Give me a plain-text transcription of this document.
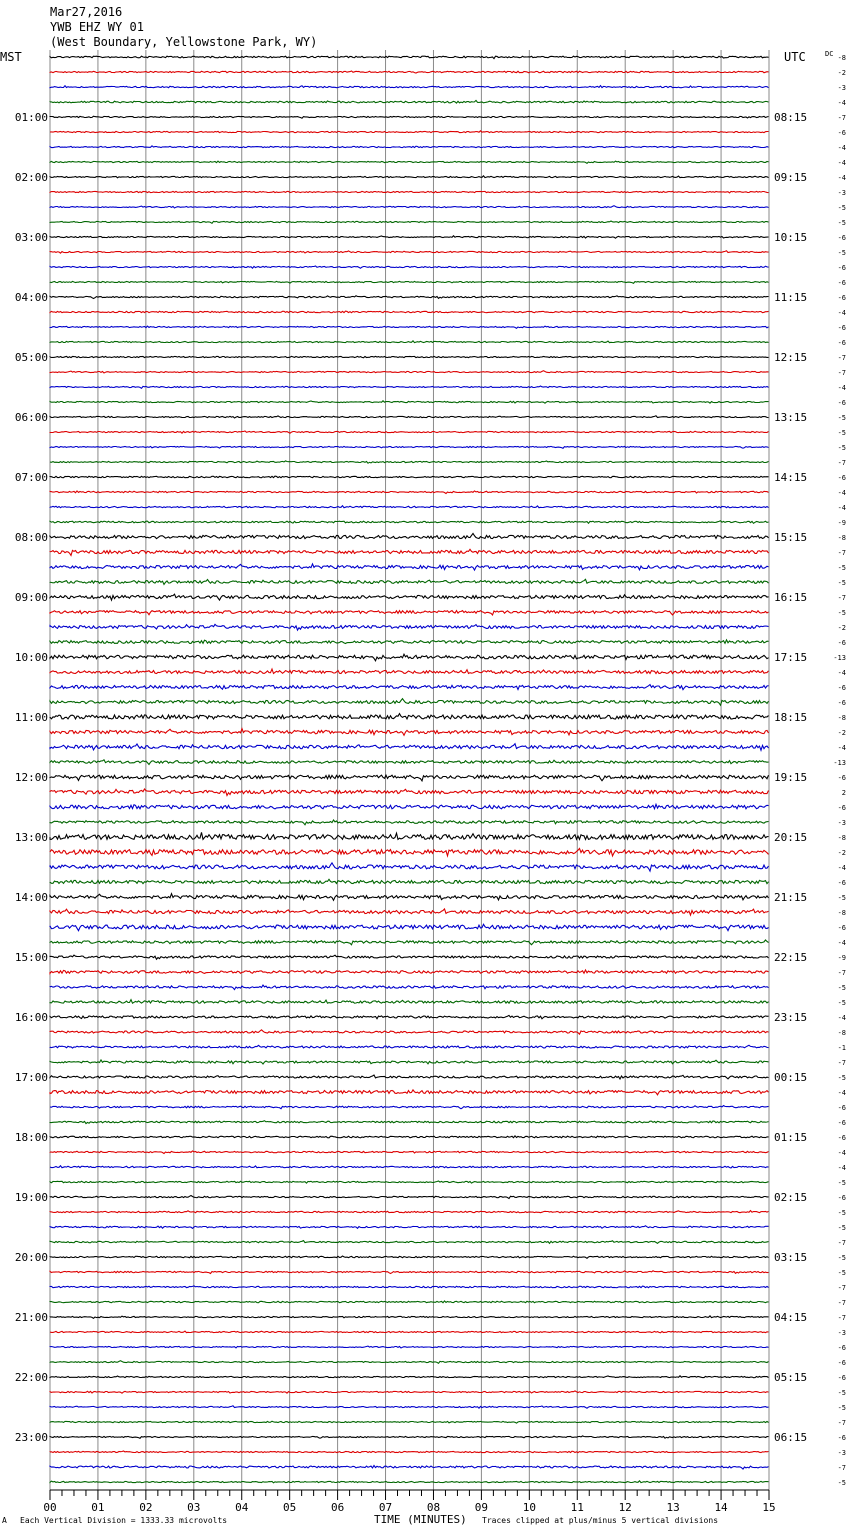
Mar27,2016
YWB EHZ WY 01
(West Boundary, Yellowstone Park, WY)
MST	UTC	DC
01:00
02:00
03:00
04:00
05:00
06:00
07:00
08:00
09:00
10:00
11:00
12:00
13:00
14:00
15:00
16:00
17:00
18:00
19:00
20:00
21:00
22:00
23:00
08:15
09:15
10:15
11:15
12:15
13:15
14:15
15:15
16:15
17:15
18:15
19:15
20:15
21:15
22:15
23:15
00:15
01:15
02:15
03:15
04:15
05:15
06:15
-8
-2
-3
-4
-7
-6
-4
-4
-4
-3
-5
-5
-6
-5
-6
-6
-6
-4
-6
-6
-7
-7
-4
-6
-5
-5
-5
-7
-6
-4
-4
-9
-8
-7
-5
-5
-7
-5
-2
-6
-13
-4
-6
-6
-8
-2
-4
-13
-6
2
-6
-3
-8
-2
-4
-6
-5
-8
-6
-4
-9
-7
-5
-5
-4
-8
-1
-7
-5
-4
-6
-6
-6
-4
-4
-5
-6
-5
-5
-7
-5
-5
-7
-7
-7
-3
-6
-6
-6
-5
-5
-7
-6
-3
-7
-5
00	01	02	03	04	05	06	07	08	09	10	11	12	13	14	15
A Each Vertical Division = 1333.33 microvolts	TIME (MINUTES) Traces clipped at plus/minus 5 vertical divisions
